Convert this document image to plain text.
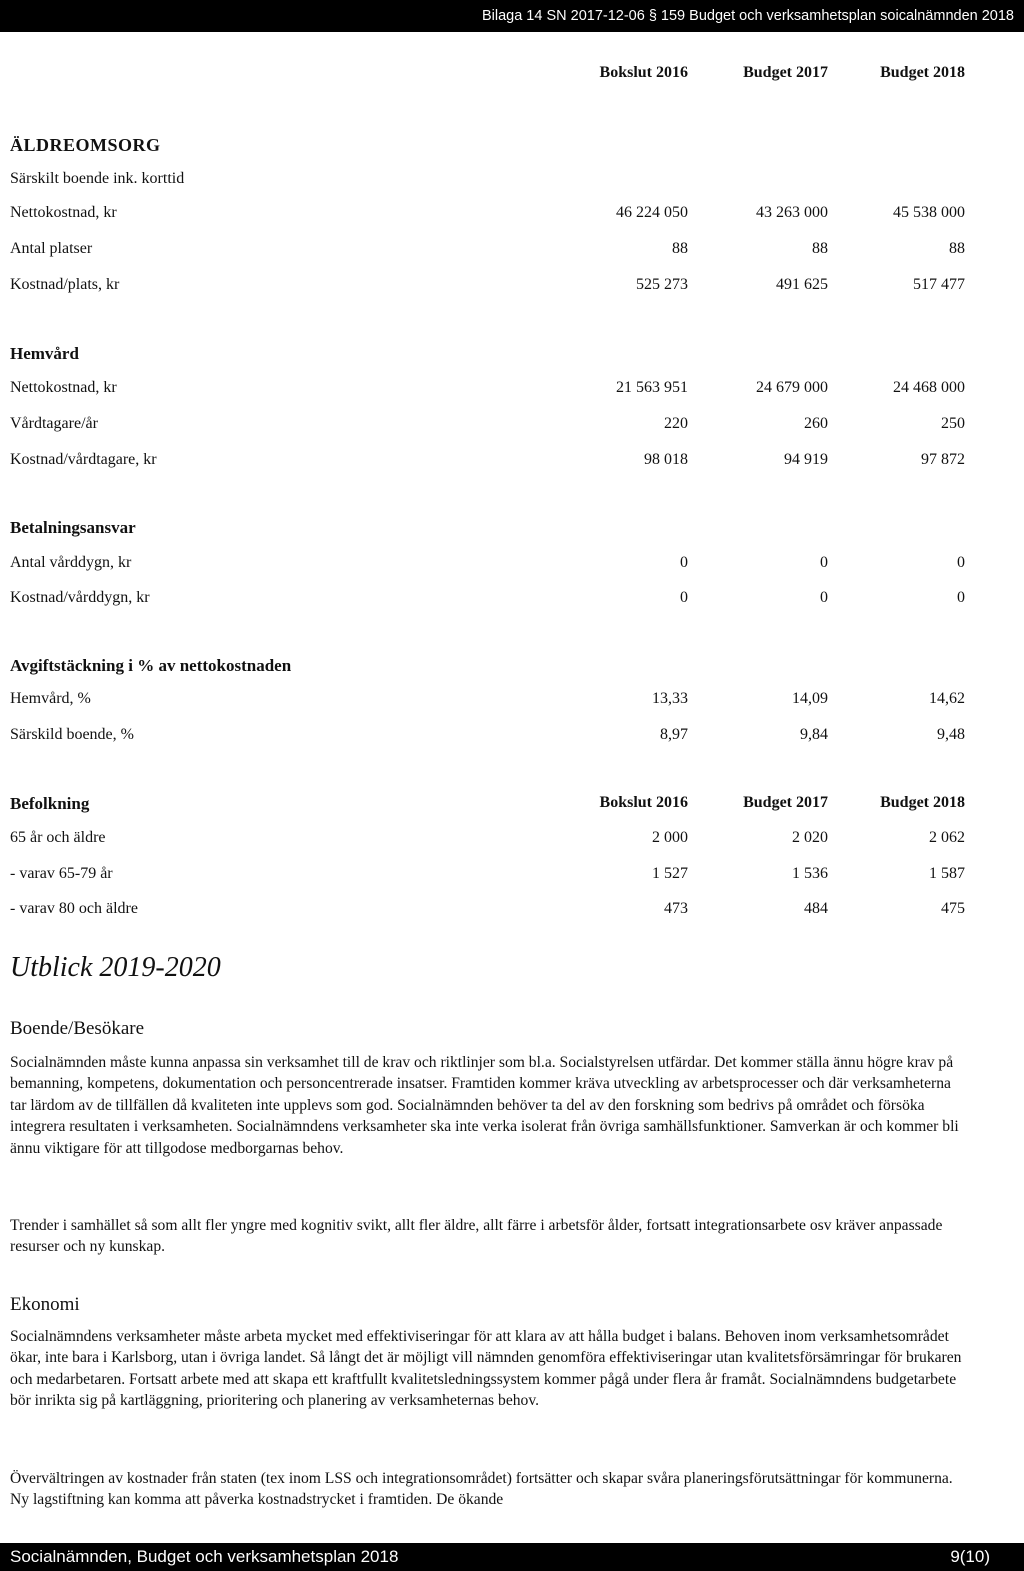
Bilaga 14 SN 2017-12-06 § 159 Budget och verksamhetsplan soicalnämnden 2018
Bokslut 2016	Budget 2017	Budget 2018
ÄLDREOMSORG
Särskilt boende ink. korttid
Nettokostnad, kr	46 224 050	43 263 000	45 538 000
Antal platser	88	88	88
Kostnad/plats, kr	525 273	491 625	517 477
Hemvård
Nettokostnad, kr	21 563 951	24 679 000	24 468 000
Vårdtagare/år	220	260	250
Kostnad/vårdtagare, kr	98 018	94 919	97 872
Betalningsansvar
Antal vårddygn, kr	0	0	0
Kostnad/vårddygn, kr	0	0	0
Avgiftstäckning i % av nettokostnaden
Hemvård, %	13,33	14,09	14,62
Särskild boende, %	8,97	9,84	9,48
Befolkning	Bokslut 2016	Budget 2017	Budget 2018
65 år och äldre	2 000	2 020	2 062
- varav 65-79 år	1 527	1 536	1 587
- varav 80 och äldre	473	484	475
Utblick 2019-2020
Boende/Besökare

Socialnämnden måste kunna anpassa sin verksamhet till de krav och riktlinjer som bl.a. Socialstyrelsen utfärdar. Det kommer ställa ännu högre krav på bemanning, kompetens, dokumentation och personcentrerade insatser. Framtiden kommer kräva utveckling av arbetsprocesser och där verksamheterna tar lärdom av de tillfällen då kvaliteten inte upplevs som god. Socialnämnden behöver ta del av den forskning som bedrivs på området och försöka integrera resultaten i verksamheten. Socialnämndens verksamheter ska inte verka isolerat från övriga samhällsfunktioner. Samverkan är och kommer bli ännu viktigare för att tillgodose medborgarnas behov.

Trender i samhället så som allt fler yngre med kognitiv svikt, allt fler äldre, allt färre i arbetsför ålder, fortsatt integrationsarbete osv kräver anpassade resurser och ny kunskap.

Ekonomi

Socialnämndens verksamheter måste arbeta mycket med effektiviseringar för att klara av att hålla budget i balans. Behoven inom verksamhetsområdet ökar, inte bara i Karlsborg, utan i övriga landet. Så långt det är möjligt vill nämnden genomföra effektiviseringar utan kvalitetsförsämringar för brukaren och medarbetaren. Fortsatt arbete med att skapa ett kraftfullt kvalitetsledningssystem kommer pågå under flera år framåt. Socialnämndens budgetarbete bör inrikta sig på kartläggning, prioritering och planering av verksamheternas behov.

Övervältringen av kostnader från staten (tex inom LSS och integrationsområdet) fortsätter och skapar svåra planeringsförutsättningar för kommunerna. Ny lagstiftning kan komma att påverka kostnadstrycket i framtiden. De ökande

Socialnämnden, Budget och verksamhetsplan 2018	9(10)
